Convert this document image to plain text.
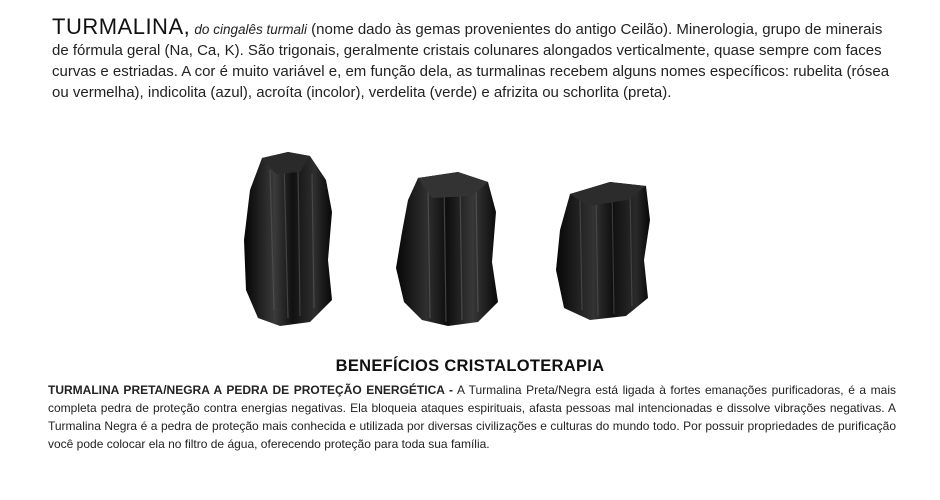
TURMALINA, do cingalês turmali (nome dado às gemas provenientes do antigo Ceilão). Minerologia, grupo de minerais de fórmula geral (Na, Ca, K). São trigonais, geralmente cristais colunares alongados verticalmente, quase sempre com faces curvas e estriadas. A cor é muito variável e, em função dela, as turmalinas recebem alguns nomes específicos: rubelita (rósea ou vermelha), indicolita (azul), acroíta (incolor), verdelita (verde) e afrizita ou schorlita (preta).
BENEFÍCIOS CRISTALOTERAPIA
TURMALINA PRETA/NEGRA A PEDRA DE PROTEÇÃO ENERGÉTICA - A Turmalina Preta/Negra está ligada à fortes emanações purificadoras, é a mais completa pedra de proteção contra energias negativas. Ela bloqueia ataques espirituais, afasta pessoas mal intencionadas e dissolve vibrações negativas. A Turmalina Negra é a pedra de proteção mais conhecida e utilizada por diversas civilizações e culturas do mundo todo. Por possuir propriedades de purificação você pode colocar ela no filtro de água, oferecendo proteção para toda sua família.
